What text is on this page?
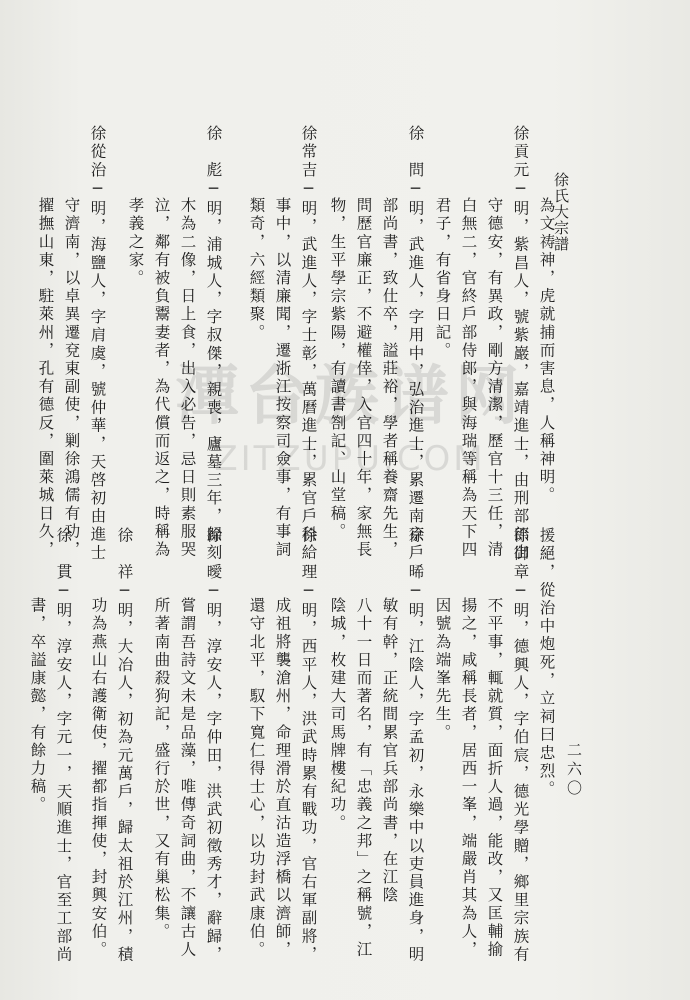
徐氏大宗譜
二六〇
潭台族谱网
ZITZUPU.COM	為文祷神，虎就捕而害息，人稱神明。
徐貢元─明，紫昌人，號紫巖，嘉靖進士，由刑部郎出
守德安，有異政，剛方清潔，歷官十三任，清
白無二，官終戶部侍郎，與海瑞等稱為天下四
君子，有省身日記。
徐　問─明，武進人，字用中，弘治進士，累遷南京戶
部尚書，致仕卒，謚莊裕，學者稱養齋先生，
問歷官廉正，不避權倖，入官四十年，家無長
物，生平學宗紫陽，有讀書劄記、山堂稿。
徐常吉─明，武進人，字士彰，萬曆進士，累官戶科給
事中，以清廉聞，遷浙江按察司僉事，有事詞
類奇，六經類聚。
徐　彪─明，浦城人，字叔傑，親喪，廬墓三年，歸刻
木為二像，日上食，出入必告，忌日則素服哭
泣，鄰有被負鬻妻者，為代償而返之，時稱為
孝義之家。
徐從治─明，海鹽人，字肩虞，號仲華，天啓初由進士
守濟南，以卓異遷兗東副使，剿徐鴻儒有功，
擢撫山東，駐萊州，孔有德反，圍萊城日久，
援絕，從治中炮死，立祠曰忠烈。
徐御章─明，德興人，字伯宸，德光學贈，鄉里宗族有
不平事，輒就質，面折人過，能改，又匡輔揄
揚之，咸稱長者，居西一峯，端嚴肖其為人，
因號為端峯先生。
徐　晞─明，江陰人，字孟初，永樂中以吏員進身，明
敏有幹，正統間累官兵部尚書，在江陰
八十一日而著名，有「忠義之邦」之稱號，江
陰城，枚建大司馬牌樓紀功。
徐　理─明，西平人，洪武時累有戰功，官右軍副將，
成祖將襲滄州，命理滑於直沽造浮橋以濟師，
還守北平，馭下寬仁得士心，以功封武康伯。
徐　曖─明，淳安人，字仲田，洪武初徵秀才，辭歸，
嘗謂吾詩文未是品藻，唯傳奇詞曲，不讓古人
所著南曲殺狗記，盛行於世，又有巢松集。
徐　祥─明，大冶人，初為元萬戶，歸太祖於江州，積
功為燕山右護衛使，擢都指揮使，封興安伯。
徐　貫─明，淳安人，字元一，天順進士，官至工部尚
書，卒謚康懿，有餘力稿。
